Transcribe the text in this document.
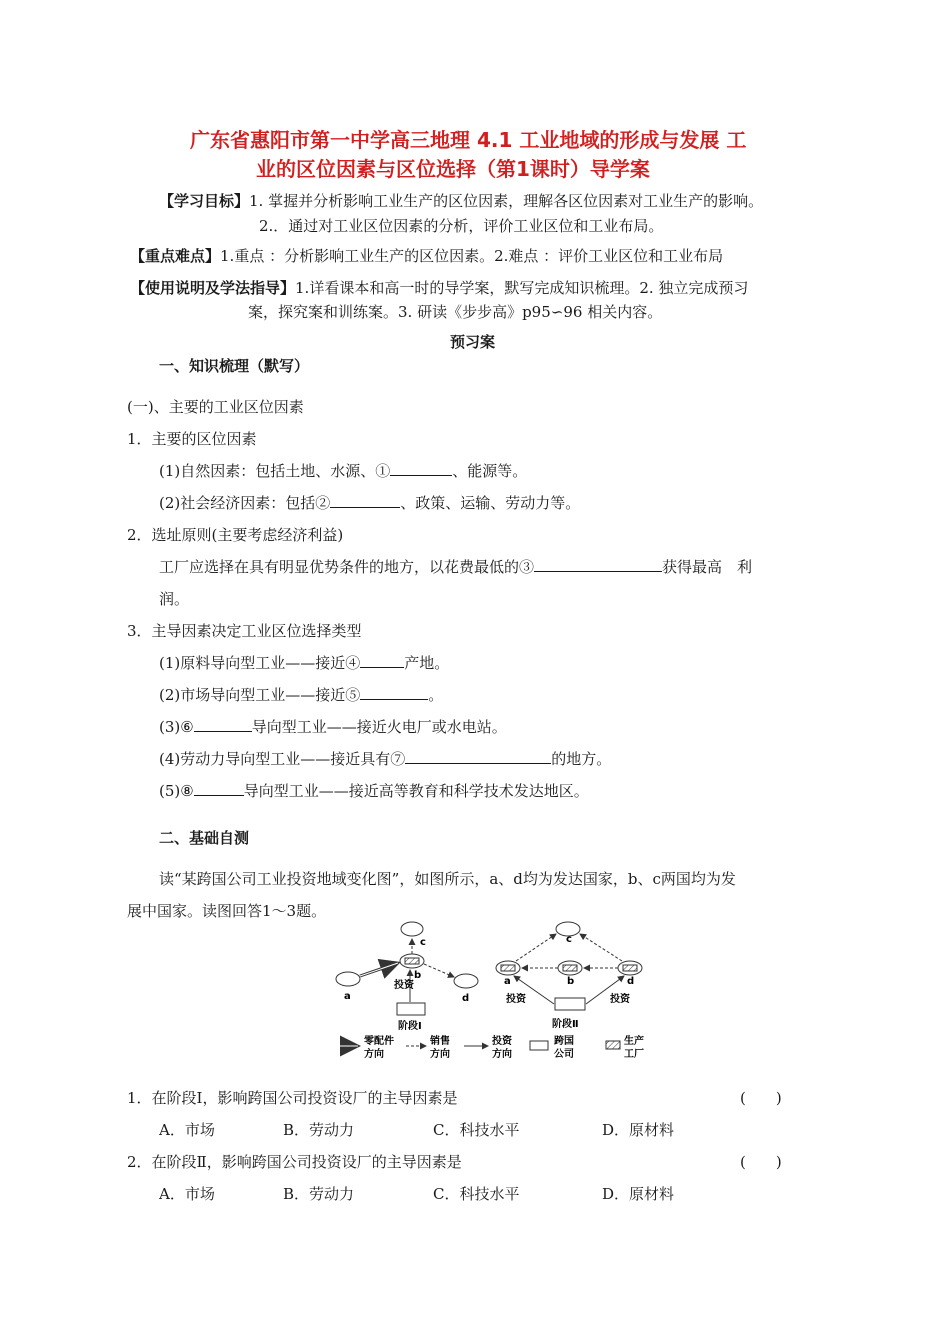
广东省惠阳市第一中学高三地理 4.1 工业地域的形成与发展 工
业的区位因素与区位选择（第1课时）导学案
【学习目标】1. 掌握并分析影响工业生产的区位因素，理解各区位因素对工业生产的影响。
2.．通过对工业区位因素的分析，评价工业区位和工业布局。
【重点难点】1.重点 ：分析影响工业生产的区位因素。2.难点 ：评价工业区位和工业布局
【使用说明及学法指导】1.详看课本和高一时的导学案，默写完成知识梳理。2. 独立完成预习
案，探究案和训练案。3. 研读《步步高》p95∽96 相关内容。
预习案
一、知识梳理（默写）
(一)、主要的工业区位因素
1．主要的区位因素
(1)自然因素：包括土地、水源、①	、能源等。
(2)社会经济因素：包括②	、政策、运输、劳动力等。
2．选址原则(主要考虑经济利益)
工厂应选择在具有明显优势条件的地方，以花费最低的③	获得最高　利
润。
3．主导因素决定工业区位选择类型
(1)原料导向型工业——接近④	产地。
(2)市场导向型工业——接近⑤	。
(3)⑥	导向型工业——接近火电厂或水电站。
(4)劳动力导向型工业——接近具有⑦	的地方。
(5)⑧	导向型工业——接近高等教育和科学技术发达地区。
二、基础自测
读“某跨国公司工业投资地域变化图”，如图所示，a、d均为发达国家，b、c两国均为发
展中国家。读图回答1～3题。
c
b
a	d
投资
阶段Ⅰ
c
a	b	d
投资	投资
阶段Ⅱ
零配件
方向
销售
方向
投资
方向
跨国
公司
生产
工厂
1．在阶段Ⅰ，影响跨国公司投资设厂的主导因素是	(　　)
A．市场	B．劳动力	C．科技水平	D．原材料
2．在阶段Ⅱ，影响跨国公司投资设厂的主导因素是	(　　)
A．市场	B．劳动力	C．科技水平	D．原材料
